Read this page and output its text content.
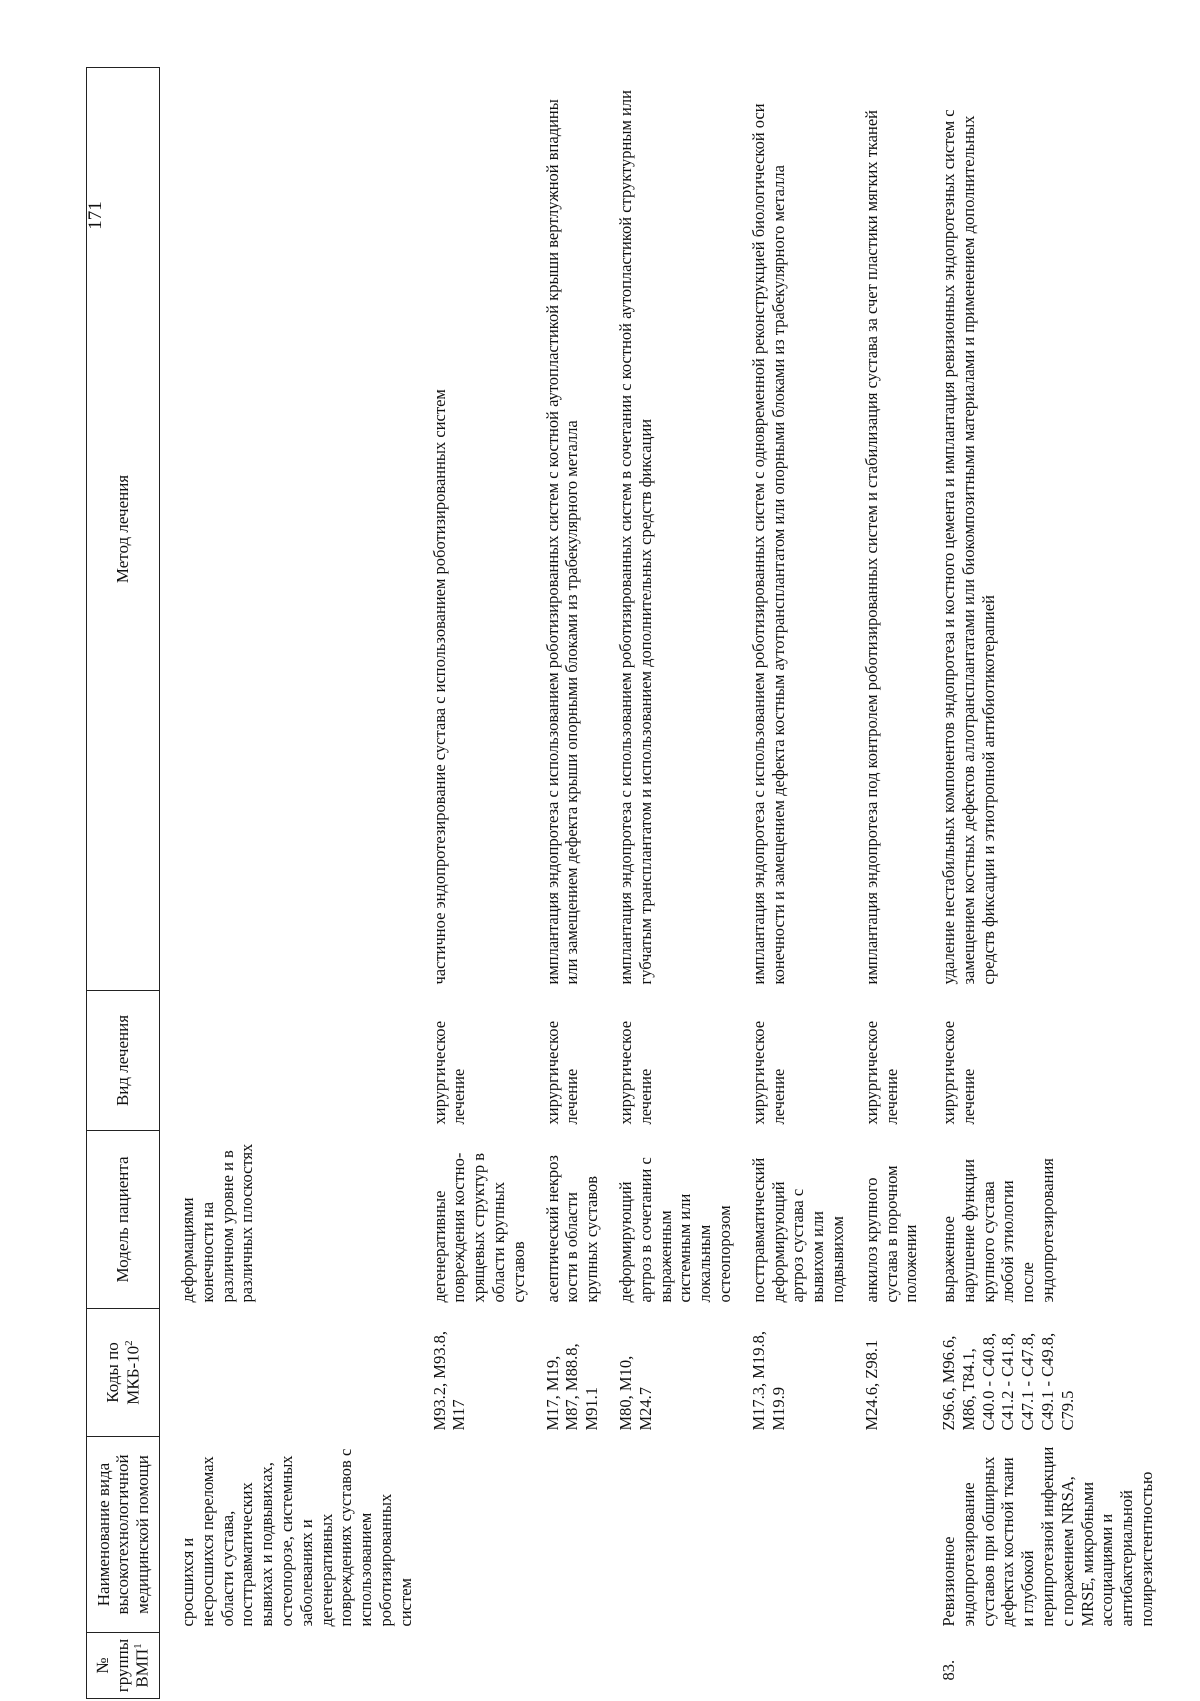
171
№ группы ВМП$^1$	Наименование вида высокотехнологичной медицинской помощи	Коды по МКБ-$10^2$	Модель пациента	Вид лечения	Метод лечения
	сросшихся и несросшихся переломах области сустава, посттравматических вывихах и подвывихах, остеопорозе, системных заболеваниях и дегенеративных повреждениях суставов с использованием роботизированных систем		деформациями конечности на различном уровне и в различных плоскостях		
		M93.2, M93.8, M17	дегенеративные повреждения костно-хрящевых структур в области крупных суставов	хирургическое лечение	частичное эндопротезирование сустава с использованием роботизированных систем
		M17, M19, M87, M88.8, M91.1	асептический некроз кости в области крупных суставов	хирургическое лечение	имплантация эндопротеза с использованием роботизированных систем с костной аутопластикой крыши вертлужной впадины или замещением дефекта крыши опорными блоками из трабекулярного металла
		M80, M10, M24.7	деформирующий артроз в сочетании с выраженным системным или локальным остеопорозом	хирургическое лечение	имплантация эндопротеза с использованием роботизированных систем в сочетании с костной аутопластикой структурным или губчатым трансплантатом и использованием дополнительных средств фиксации
		M17.3, M19.8, M19.9	посттравматический деформирующий артроз сустава с вывихом или подвывихом	хирургическое лечение	имплантация эндопротеза с использованием роботизированных систем с одновременной реконструкцией биологической оси конечности и замещением дефекта костным аутотрансплантатом или опорными блоками из трабекулярного металла
		M24.6, Z98.1	анкилоз крупного сустава в порочном положении	хирургическое лечение	имплантация эндопротеза под контролем роботизированных систем и стабилизация сустава за счет пластики мягких тканей
83.	Ревизионное эндопротезирование суставов при обширных дефектах костной ткани и глубокой перипротезной инфекции с поражением NRSA, MRSE, микробными ассоциациями и антибактериальной полирезистентностью	Z96.6, M96.6, M86, T84.1, C40.0 - C40.8, C41.2 - C41.8, C47.1 - C47.8, C49.1 - C49.8, C79.5	выраженное нарушение функции крупного сустава любой этиологии после эндопротезирования	хирургическое лечение	удаление нестабильных компонентов эндопротеза и костного цемента и имплантация ревизионных эндопротезных систем с замещением костных дефектов аллотрансплантатами или биокомпозитными материалами и применением дополнительных средств фиксации и этиотропной антибиотикотерапией
